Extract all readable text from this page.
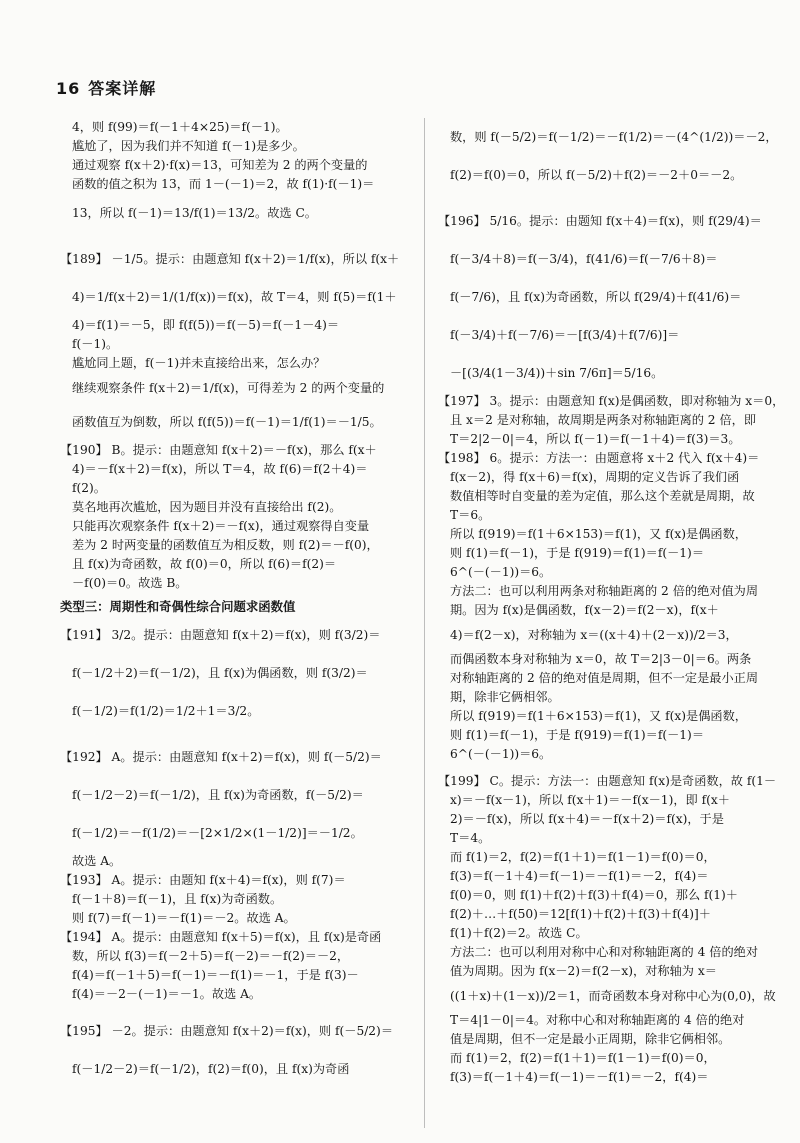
16 答案详解

4，则 f(99)＝f(－1＋4×25)＝f(－1)。

尴尬了，因为我们并不知道 f(－1)是多少。

通过观察 f(x＋2)·f(x)＝13，可知差为 2 的两个变量的

函数的值之积为 13，而 1－(－1)＝2，故 f(1)·f(－1)＝

13，所以 f(－1)＝13/f(1)＝13/2。故选 C。

【189】 －1/5。提示：由题意知 f(x＋2)＝1/f(x)，所以 f(x＋

4)＝1/f(x＋2)＝1/(1/f(x))＝f(x)，故 T＝4，则 f(5)＝f(1＋

4)＝f(1)＝－5，即 f(f(5))＝f(－5)＝f(－1－4)＝

f(－1)。

尴尬同上题，f(－1)并未直接给出来，怎么办？

继续观察条件 f(x＋2)＝1/f(x)，可得差为 2 的两个变量的

函数值互为倒数，所以 f(f(5))＝f(－1)＝1/f(1)＝－1/5。

【190】 B。提示：由题意知 f(x＋2)＝－f(x)，那么 f(x＋

4)＝－f(x＋2)＝f(x)，所以 T＝4，故 f(6)＝f(2＋4)＝

f(2)。

莫名地再次尴尬，因为题目并没有直接给出 f(2)。

只能再次观察条件 f(x＋2)＝－f(x)，通过观察得自变量

差为 2 时两变量的函数值互为相反数，则 f(2)＝－f(0)，

且 f(x)为奇函数，故 f(0)＝0，所以 f(6)＝f(2)＝

－f(0)＝0。故选 B。

类型三：周期性和奇偶性综合问题求函数值

【191】 3/2。提示：由题意知 f(x＋2)＝f(x)，则 f(3/2)＝

f(－1/2＋2)＝f(－1/2)，且 f(x)为偶函数，则 f(3/2)＝

f(－1/2)＝f(1/2)＝1/2＋1＝3/2。

【192】 A。提示：由题意知 f(x＋2)＝f(x)，则 f(－5/2)＝

f(－1/2－2)＝f(－1/2)，且 f(x)为奇函数，f(－5/2)＝

f(－1/2)＝－f(1/2)＝－[2×1/2×(1－1/2)]＝－1/2。

故选 A。

【193】 A。提示：由题知 f(x＋4)＝f(x)，则 f(7)＝

f(－1＋8)＝f(－1)，且 f(x)为奇函数。

则 f(7)＝f(－1)＝－f(1)＝－2。故选 A。

【194】 A。提示：由题意知 f(x＋5)＝f(x)，且 f(x)是奇函

数，所以 f(3)＝f(－2＋5)＝f(－2)＝－f(2)＝－2，

f(4)＝f(－1＋5)＝f(－1)＝－f(1)＝－1，于是 f(3)－

f(4)＝－2－(－1)＝－1。故选 A。

【195】 －2。提示：由题意知 f(x＋2)＝f(x)，则 f(－5/2)＝

f(－1/2－2)＝f(－1/2)，f(2)＝f(0)，且 f(x)为奇函

数，则 f(－5/2)＝f(－1/2)＝－f(1/2)＝－(4^(1/2))＝－2，

f(2)＝f(0)＝0，所以 f(－5/2)＋f(2)＝－2＋0＝－2。

【196】 5/16。提示：由题知 f(x＋4)＝f(x)，则 f(29/4)＝

f(－3/4＋8)＝f(－3/4)，f(41/6)＝f(－7/6＋8)＝

f(－7/6)，且 f(x)为奇函数，所以 f(29/4)＋f(41/6)＝

f(－3/4)＋f(－7/6)＝－[f(3/4)＋f(7/6)]＝

－[(3/4(1－3/4))＋sin 7/6π]＝5/16。

【197】 3。提示：由题意知 f(x)是偶函数，即对称轴为 x＝0，

且 x＝2 是对称轴，故周期是两条对称轴距离的 2 倍，即

T＝2|2－0|＝4，所以 f(－1)＝f(－1＋4)＝f(3)＝3。

【198】 6。提示：方法一：由题意将 x＋2 代入 f(x＋4)＝

f(x－2)，得 f(x＋6)＝f(x)，周期的定义告诉了我们函

数值相等时自变量的差为定值，那么这个差就是周期，故

T＝6。

所以 f(919)＝f(1＋6×153)＝f(1)，又 f(x)是偶函数，

则 f(1)＝f(－1)，于是 f(919)＝f(1)＝f(－1)＝

6^(－(－1))＝6。

方法二：也可以利用两条对称轴距离的 2 倍的绝对值为周

期。因为 f(x)是偶函数，f(x－2)＝f(2－x)，f(x＋

4)＝f(2－x)，对称轴为 x＝((x＋4)＋(2－x))/2＝3，

而偶函数本身对称轴为 x＝0，故 T＝2|3－0|＝6。两条

对称轴距离的 2 倍的绝对值是周期，但不一定是最小正周

期，除非它俩相邻。

所以 f(919)＝f(1＋6×153)＝f(1)，又 f(x)是偶函数，

则 f(1)＝f(－1)，于是 f(919)＝f(1)＝f(－1)＝

6^(－(－1))＝6。

【199】 C。提示：方法一：由题意知 f(x)是奇函数，故 f(1－

x)＝－f(x－1)，所以 f(x＋1)＝－f(x－1)，即 f(x＋

2)＝－f(x)，所以 f(x＋4)＝－f(x＋2)＝f(x)，于是

T＝4。

而 f(1)＝2，f(2)＝f(1＋1)＝f(1－1)＝f(0)＝0，

f(3)＝f(－1＋4)＝f(－1)＝－f(1)＝－2，f(4)＝

f(0)＝0，则 f(1)＋f(2)＋f(3)＋f(4)＝0，那么 f(1)＋

f(2)＋…＋f(50)＝12[f(1)＋f(2)＋f(3)＋f(4)]＋

f(1)＋f(2)＝2。故选 C。

方法二：也可以利用对称中心和对称轴距离的 4 倍的绝对

值为周期。因为 f(x－2)＝f(2－x)，对称轴为 x＝

((1＋x)＋(1－x))/2＝1，而奇函数本身对称中心为(0,0)，故

T＝4|1－0|＝4。对称中心和对称轴距离的 4 倍的绝对

值是周期，但不一定是最小正周期，除非它俩相邻。

而 f(1)＝2，f(2)＝f(1＋1)＝f(1－1)＝f(0)＝0，

f(3)＝f(－1＋4)＝f(－1)＝－f(1)＝－2，f(4)＝
